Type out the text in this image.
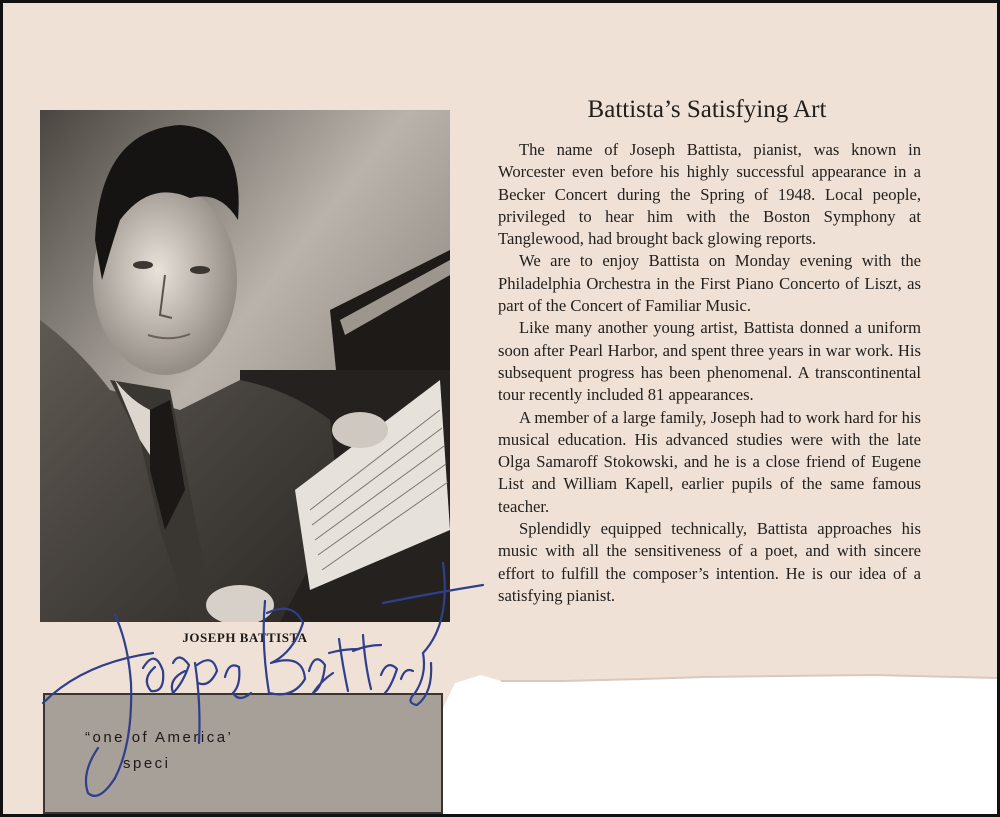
JOSEPH BATTISTA
Battista’s Satisfying Art

The name of Joseph Battista, pianist, was known in Worcester even before his highly successful appearance in a Becker Concert during the Spring of 1948. Local people, privileged to hear him with the Boston Symphony at Tanglewood, had brought back glowing reports.

We are to enjoy Battista on Monday evening with the Philadelphia Orchestra in the First Piano Concerto of Liszt, as part of the Concert of Familiar Music.

Like many another young artist, Battista donned a uniform soon after Pearl Harbor, and spent three years in war work. His subsequent progress has been phenomenal. A transcontinental tour recently included 81 appearances.

A member of a large family, Joseph had to work hard for his musical education. His advanced studies were with the late Olga Samaroff Stokowski, and he is a close friend of Eugene List and William Kapell, earlier pupils of the same famous teacher.

Splendidly equipped technically, Battista approaches his music with all the sensitiveness of a poet, and with sincere effort to fulfill the composer’s intention. He is our idea of a satisfying pianist.

“one of America’
speci
